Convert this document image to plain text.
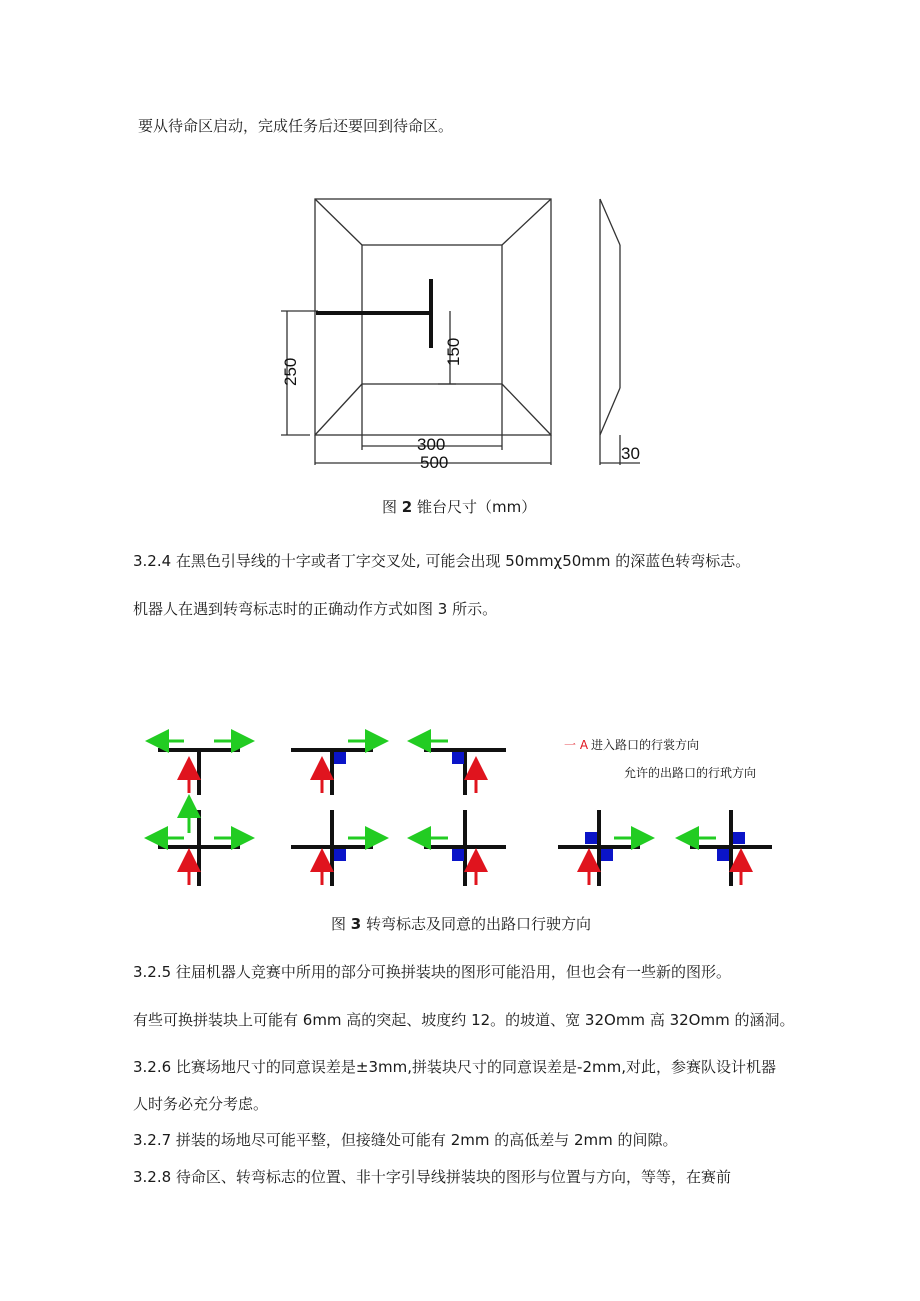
要从待命区启动，完成任务后还要回到待命区。
250
150
300
500	30
图 2 锥台尺寸（mm）
3.2.4 在黑色引导线的十字或者丁字交叉处, 可能会出现 50mmχ50mm 的深蓝色转弯标志。
机器人在遇到转弯标志时的正确动作方式如图 3 所示。
一 A 进入路口的行裳方向
允许的出路口的行玳方向
图 3 转弯标志及同意的出路口行驶方向
3.2.5 往届机器人竞赛中所用的部分可换拼装块的图形可能沿用，但也会有一些新的图形。
有些可换拼装块上可能有 6mm 高的突起、坡度约 12。的坡道、宽 32Omm 高 32Omm 的涵洞。
3.2.6 比赛场地尺寸的同意误差是±3mm,拼装块尺寸的同意误差是-2mm,对此，参赛队设计机器
人时务必充分考虑。
3.2.7 拼装的场地尽可能平整，但接缝处可能有 2mm 的高低差与 2mm 的间隙。
3.2.8 待命区、转弯标志的位置、非十字引导线拼装块的图形与位置与方向，等等，在赛前
